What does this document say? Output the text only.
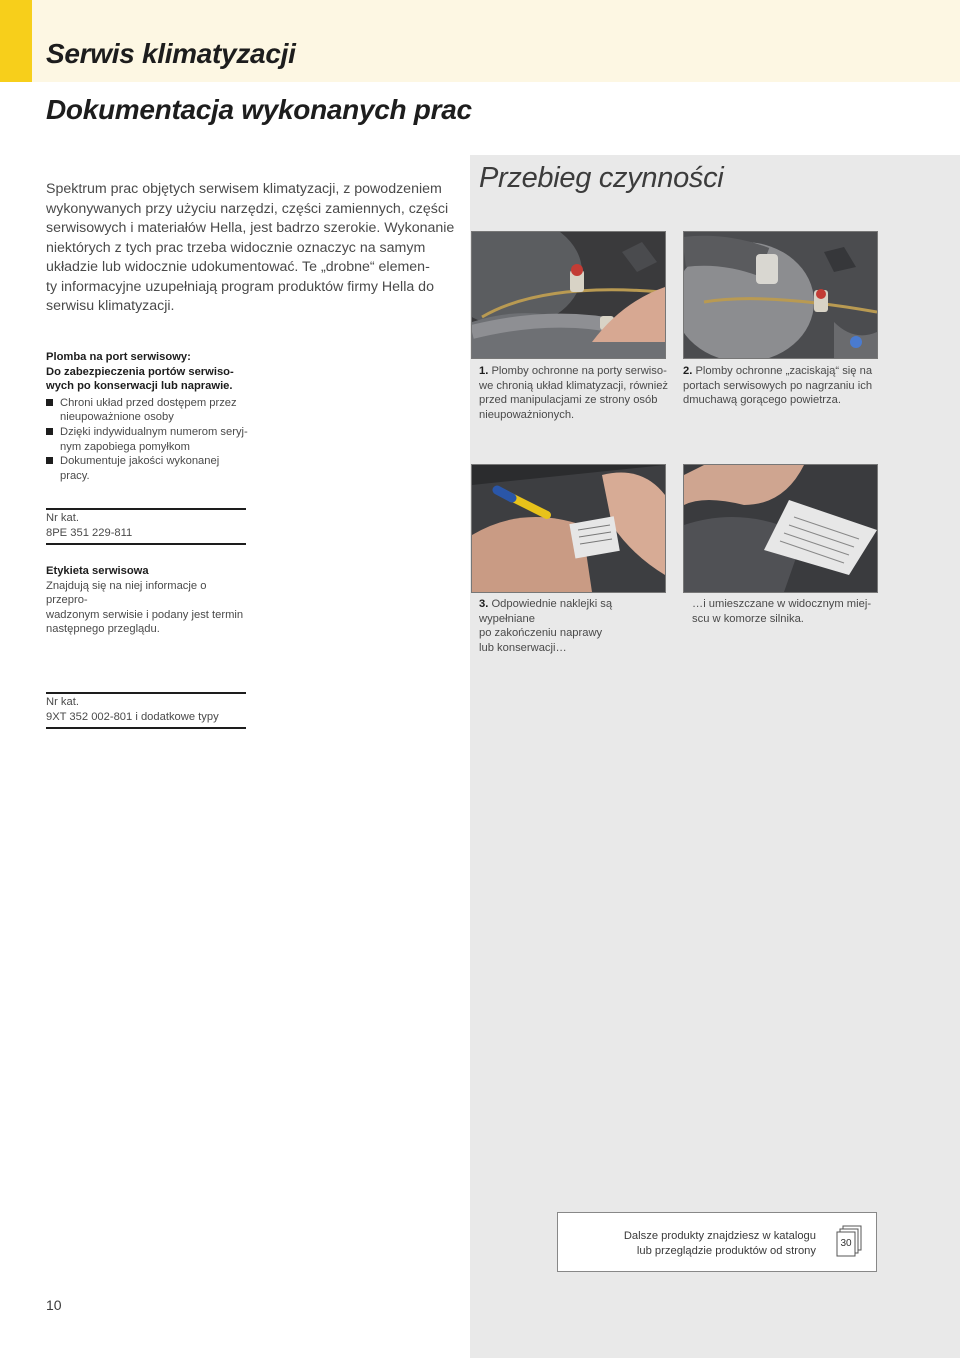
Serwis klimatyzacji
Dokumentacja wykonanych prac

Spektrum prac objętych serwisem klimatyzacji, z powodzeniem
wykonywanych przy użyciu narzędzi, części zamiennych, części
serwisowych i materiałów Hella, jest badrzo szerokie. Wykonanie
niektórych z tych prac trzeba widocznie oznaczyc na samym
układzie lub widocznie udokumentować. Te „drobne“ elemen-
ty informacyjne uzupełniają program produktów firmy Hella do
serwisu klimatyzacji.

Przebieg czynności
Plomba na port serwisowy:
Do zabezpieczenia portów serwiso-
wych po konserwacji lub naprawie.
Chroni układ przed dostępem przez
nieupoważnione osoby
Dzięki indywidualnym numerom seryj-
nym zapobiega pomyłkom
Dokumentuje jakości wykonanej
pracy.
Nr kat.
8PE 351 229-811
Etykieta serwisowa
Znajdują się na niej informacje o przepro-
wadzonym serwisie i podany jest termin
następnego przeglądu.
Nr kat.
9XT 352 002-801 i dodatkowe typy
1. Plomby ochronne na porty serwiso-
we chronią układ klimatyzacji, również
przed manipulacjami ze strony osób
nieupoważnionych.
2. Plomby ochronne „zaciskają“ się na
portach serwisowych po nagrzaniu ich
dmuchawą gorącego powietrza.
3. Odpowiednie naklejki są wypełniane
po zakończeniu naprawy
lub konserwacji…
…i umieszczane w widocznym miej-
scu w komorze silnika.
Dalsze produkty znajdziesz w katalogu
lub przeglądzie produktów od strony
30
10
